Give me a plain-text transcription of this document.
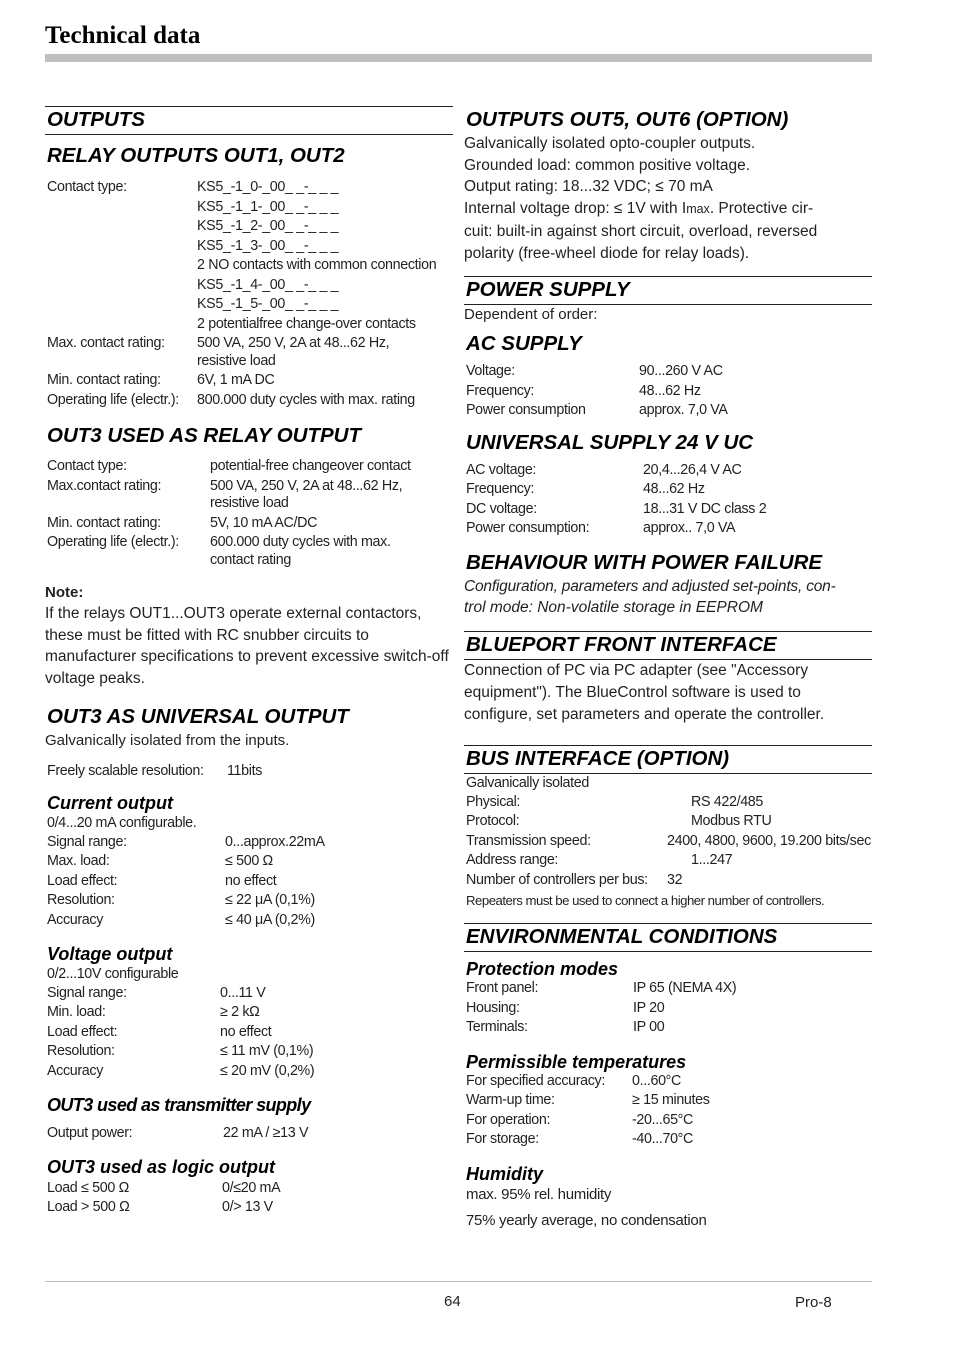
Technical data
OUTPUTS
RELAY OUTPUTS OUT1, OUT2
Contact type:	KS5_-1_0-_00_ _-_ _ _
	KS5_-1_1-_00_ _-_ _ _
	KS5_-1_2-_00_ _-_ _ _
	KS5_-1_3-_00_ _-_ _ _
	2 NO contacts with common connection
	KS5_-1_4-_00_ _-_ _ _
	KS5_-1_5-_00_ _-_ _ _
	2 potentialfree change-over contacts
Max. contact rating:	500 VA, 250 V, 2A at 48...62 Hz, resistive load
Min. contact rating:	6V, 1 mA DC
Operating life (electr.):	800.000 duty cycles with max. rating
OUT3 USED AS RELAY OUTPUT
Contact type:	potential-free changeover contact
Max.contact rating:	500 VA, 250 V, 2A at 48...62 Hz, resistive load
Min. contact rating:	5V, 10 mA AC/DC
Operating life (electr.):	600.000 duty cycles with max. contact rating
Note:
If the relays OUT1...OUT3 operate external contactors, these must be fitted with RC snubber circuits to manufacturer specifications to prevent excessive switch-off voltage peaks.
OUT3 AS UNIVERSAL OUTPUT
Galvanically isolated from the inputs.
Freely scalable resolution:	11bits
Current output
0/4...20 mA configurable.
Signal range:	0...approx.22mA
Max. load:	≤ 500 Ω
Load effect:	no effect
Resolution:	≤ 22 μA (0,1%)
Accuracy	≤ 40 μA (0,2%)
Voltage output
0/2...10V configurable
Signal range:	0...11 V
Min. load:	≥ 2 kΩ
Load effect:	no effect
Resolution:	≤ 11 mV (0,1%)
Accuracy	≤ 20 mV (0,2%)
OUT3 used as transmitter supply
Output power:	22 mA / ≥13 V
OUT3 used as logic output
Load ≤ 500 Ω	0/≤20 mA
Load > 500 Ω	0/> 13 V
OUTPUTS OUT5, OUT6 (OPTION)
Galvanically isolated opto-coupler outputs.
Grounded load: common positive voltage.
Output rating: 18...32 VDC; ≤ 70 mA
Internal voltage drop: ≤ 1V with Imax. Protective cir-
cuit: built-in against short circuit, overload, reversed
polarity (free-wheel diode for relay loads).
POWER SUPPLY
Dependent of order:
AC SUPPLY
Voltage:	90...260 V AC
Frequency:	48...62 Hz
Power consumption	approx. 7,0 VA
UNIVERSAL SUPPLY 24 V UC
AC voltage:	20,4...26,4 V AC
Frequency:	48...62 Hz
DC voltage:	18...31 V DC class 2
Power consumption:	approx.. 7,0 VA
BEHAVIOUR WITH POWER FAILURE
Configuration, parameters and adjusted set-points, con-
trol mode: Non-volatile storage in EEPROM
BLUEPORT FRONT INTERFACE
Connection of PC via PC adapter (see "Accessory
equipment"). The BlueControl software is used to
configure, set parameters and operate the controller.
BUS INTERFACE (OPTION)
Galvanically isolated
Physical:	RS 422/485
Protocol:	Modbus RTU
Transmission speed:	2400, 4800, 9600, 19.200 bits/sec
Address range:	1...247
Number of controllers per bus:	32
Repeaters must be used to connect a higher number of controllers.
ENVIRONMENTAL CONDITIONS
Protection modes
Front panel:	IP 65 (NEMA 4X)
Housing:	IP 20
Terminals:	IP 00
Permissible temperatures
For specified accuracy:	0...60°C
Warm-up time:	≥ 15 minutes
For operation:	-20...65°C
For storage:	-40...70°C
Humidity
max. 95% rel. humidity
75% yearly average, no condensation
64	Pro-8
